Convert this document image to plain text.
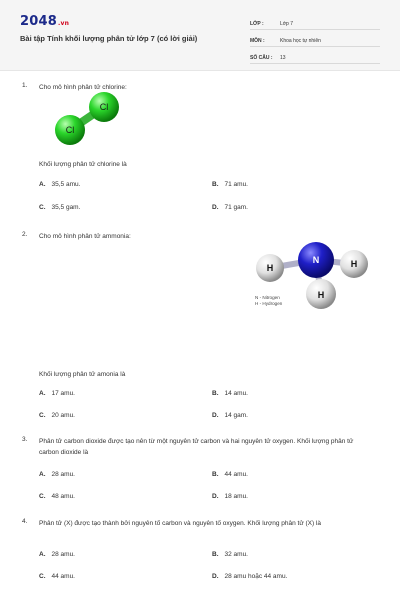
2048.vn
Bài tập Tính khối lượng phân tử lớp 7 (có lời giải)
LỚP :	Lớp 7
MÔN :	Khoa học tự nhiên
SỐ CÂU :	13
1. Cho mô hình phân tử chlorine:
Cl
Cl
Khối lượng phân tử chlorine là
A. 35,5 amu.	B. 71 amu.
C. 35,5 gam.	D. 71 gam.
2. Cho mô hình phân tử ammonia:
N
H	H
H
N - Nitrogen
H - Hydrogen
Khối lượng phân tử amonia là
A. 17 amu.	B. 14 amu.
C. 20 amu.	D. 14 gam.
3. Phân tử carbon dioxide được tạo nên từ một nguyên tử carbon và hai nguyên tử oxygen. Khối lượng phân tử carbon dioxide là
A. 28 amu.	B. 44 amu.
C. 48 amu.	D. 18 amu.
4. Phân tử (X) được tạo thành bởi nguyên tố carbon và nguyên tố oxygen. Khối lượng phân tử (X) là
A. 28 amu.	B. 32 amu.
C. 44 amu.	D. 28 amu hoặc 44 amu.
